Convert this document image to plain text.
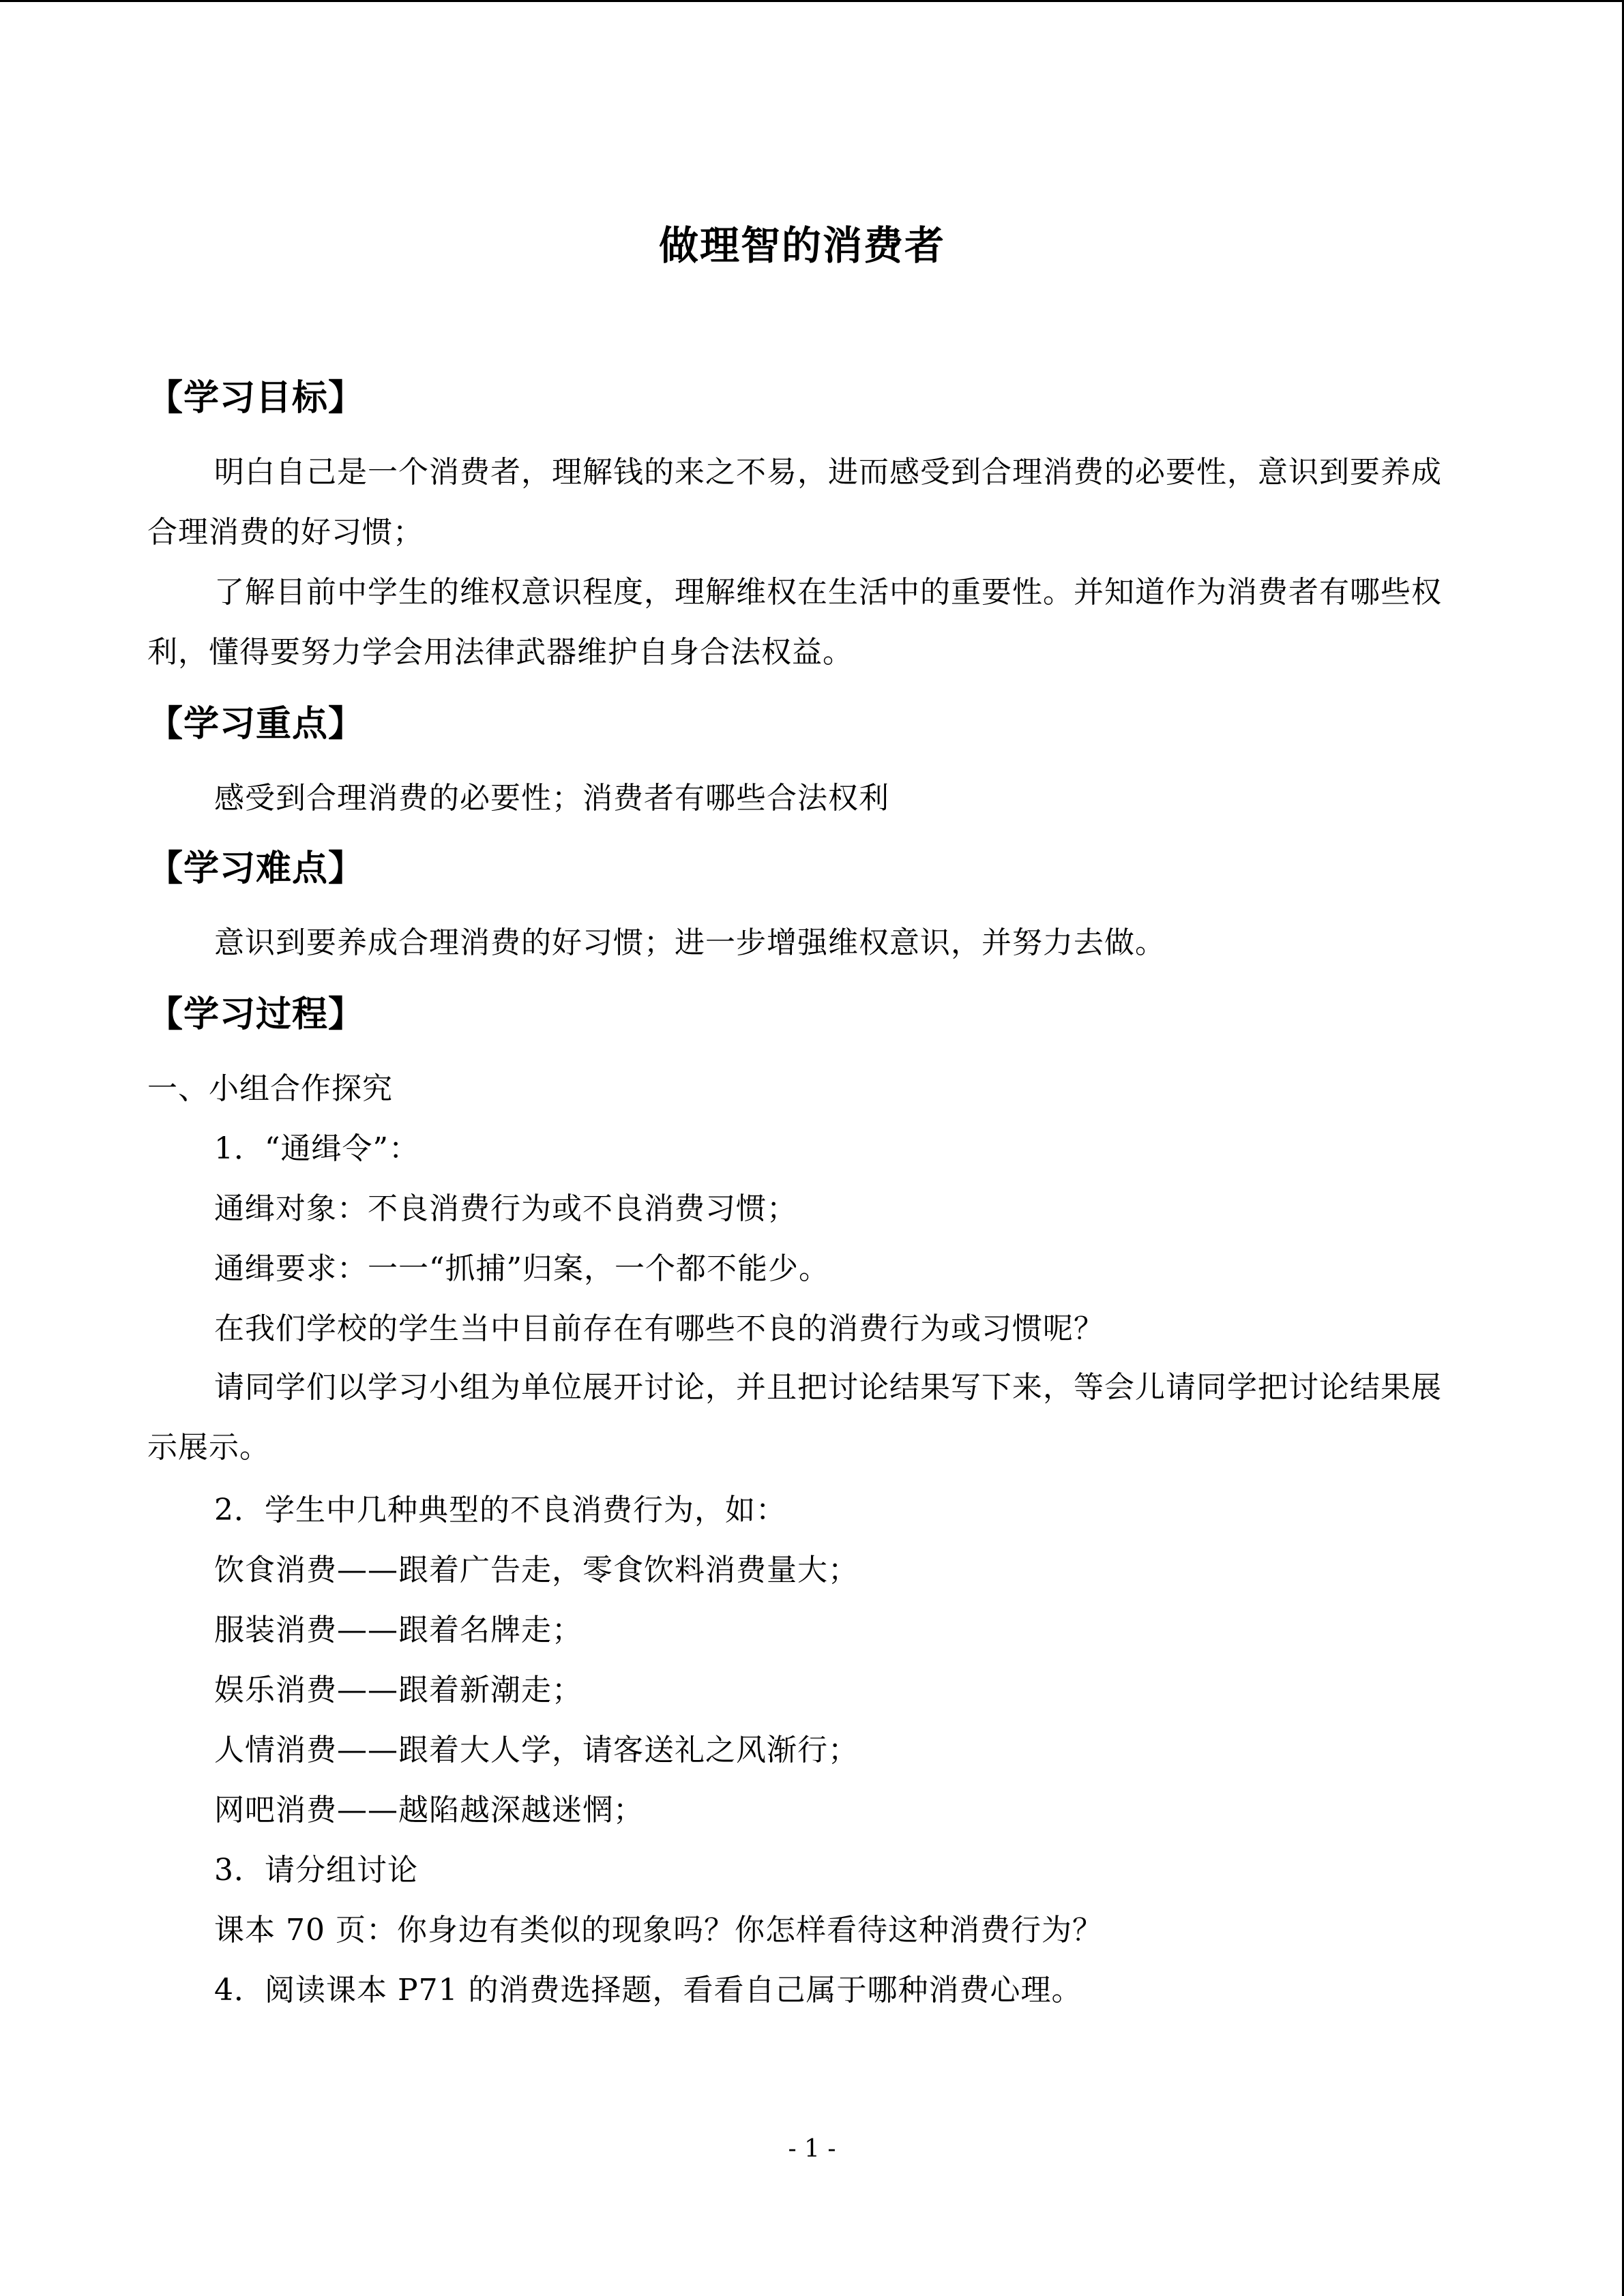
做理智的消费者
【学习目标】
明白自己是一个消费者，理解钱的来之不易，进而感受到合理消费的必要性，意识到要养成合理消费的好习惯；
了解目前中学生的维权意识程度，理解维权在生活中的重要性。并知道作为消费者有哪些权利，懂得要努力学会用法律武器维护自身合法权益。
【学习重点】
感受到合理消费的必要性；消费者有哪些合法权利
【学习难点】
意识到要养成合理消费的好习惯；进一步增强维权意识，并努力去做。
【学习过程】
一、小组合作探究
1．“通缉令”：
通缉对象：不良消费行为或不良消费习惯；
通缉要求：一一“抓捕”归案，一个都不能少。
在我们学校的学生当中目前存在有哪些不良的消费行为或习惯呢？
请同学们以学习小组为单位展开讨论，并且把讨论结果写下来，等会儿请同学把讨论结果展示展示。
2．学生中几种典型的不良消费行为，如：
饮食消费——跟着广告走，零食饮料消费量大；
服装消费——跟着名牌走；
娱乐消费——跟着新潮走；
人情消费——跟着大人学，请客送礼之风渐行；
网吧消费——越陷越深越迷惘；
3．请分组讨论
课本 70 页：你身边有类似的现象吗？你怎样看待这种消费行为？
4．阅读课本 P71 的消费选择题，看看自己属于哪种消费心理。
- 1 -
